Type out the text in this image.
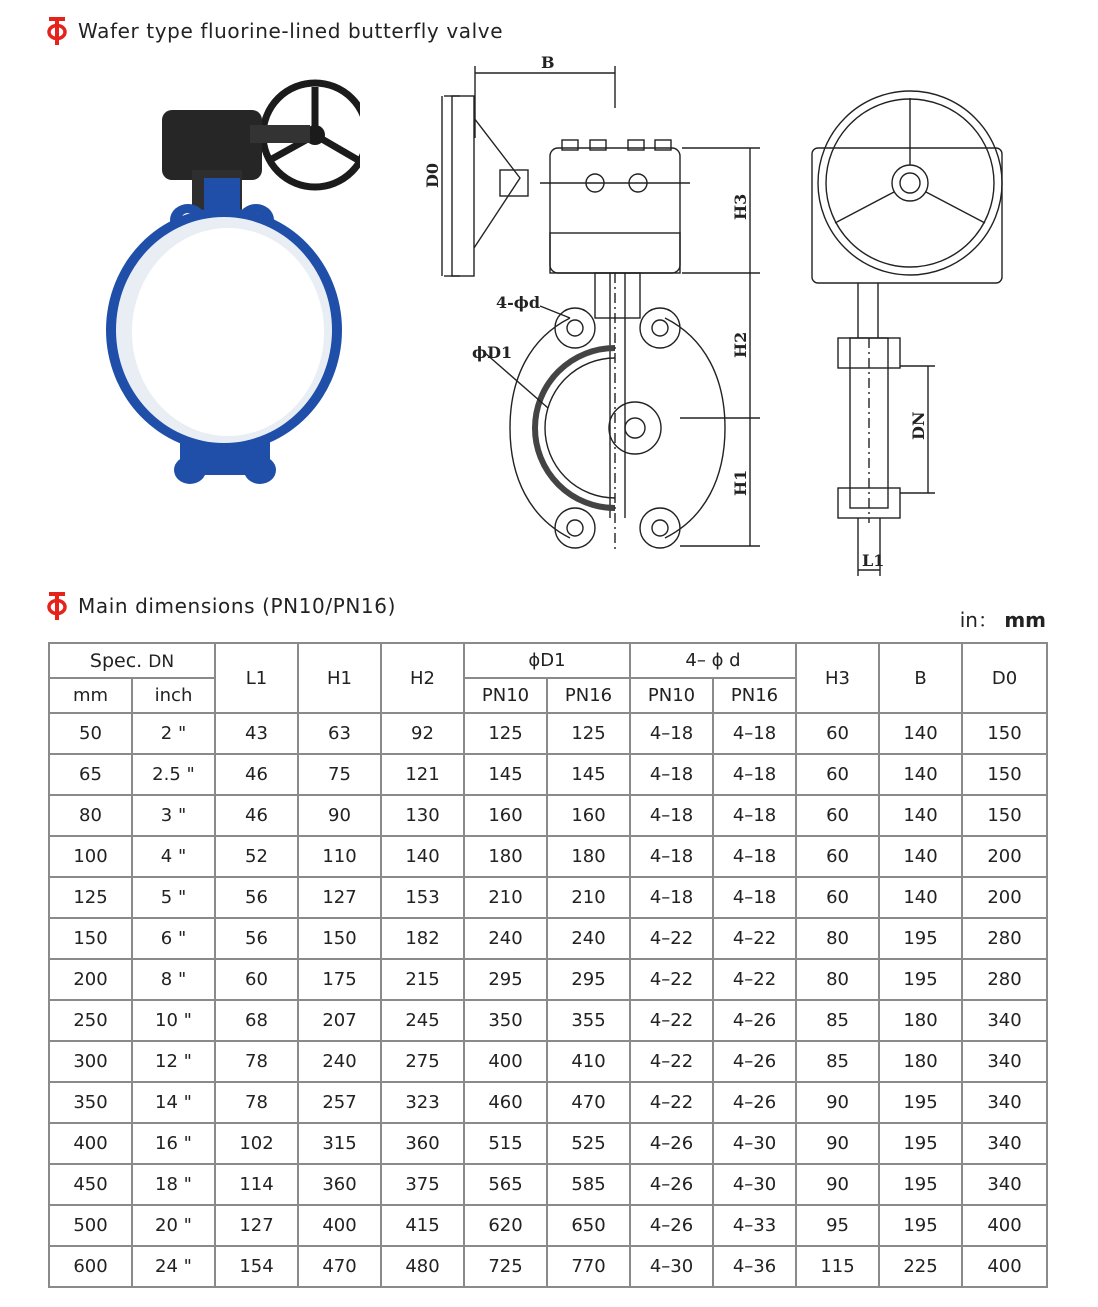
Wafer type fluorine-lined butterfly valve
B
D0
H3
H2
H1
DN
L1
4-ϕd
ϕD1
Main dimensions (PN10/PN16)
in： mm
Spec. DN		L1	H1	H2	ϕD1		4– ϕ d		H3	B	D0
mm	inch				PN10	PN16	PN10	PN16			
50	2 "	43	63	92	125	125	4–18	4–18	60	140	150
65	2.5 "	46	75	121	145	145	4–18	4–18	60	140	150
80	3 "	46	90	130	160	160	4–18	4–18	60	140	150
100	4 "	52	110	140	180	180	4–18	4–18	60	140	200
125	5 "	56	127	153	210	210	4–18	4–18	60	140	200
150	6 "	56	150	182	240	240	4–22	4–22	80	195	280
200	8 "	60	175	215	295	295	4–22	4–22	80	195	280
250	10 "	68	207	245	350	355	4–22	4–26	85	180	340
300	12 "	78	240	275	400	410	4–22	4–26	85	180	340
350	14 "	78	257	323	460	470	4–22	4–26	90	195	340
400	16 "	102	315	360	515	525	4–26	4–30	90	195	340
450	18 "	114	360	375	565	585	4–26	4–30	90	195	340
500	20 "	127	400	415	620	650	4–26	4–33	95	195	400
600	24 "	154	470	480	725	770	4–30	4–36	115	225	400
